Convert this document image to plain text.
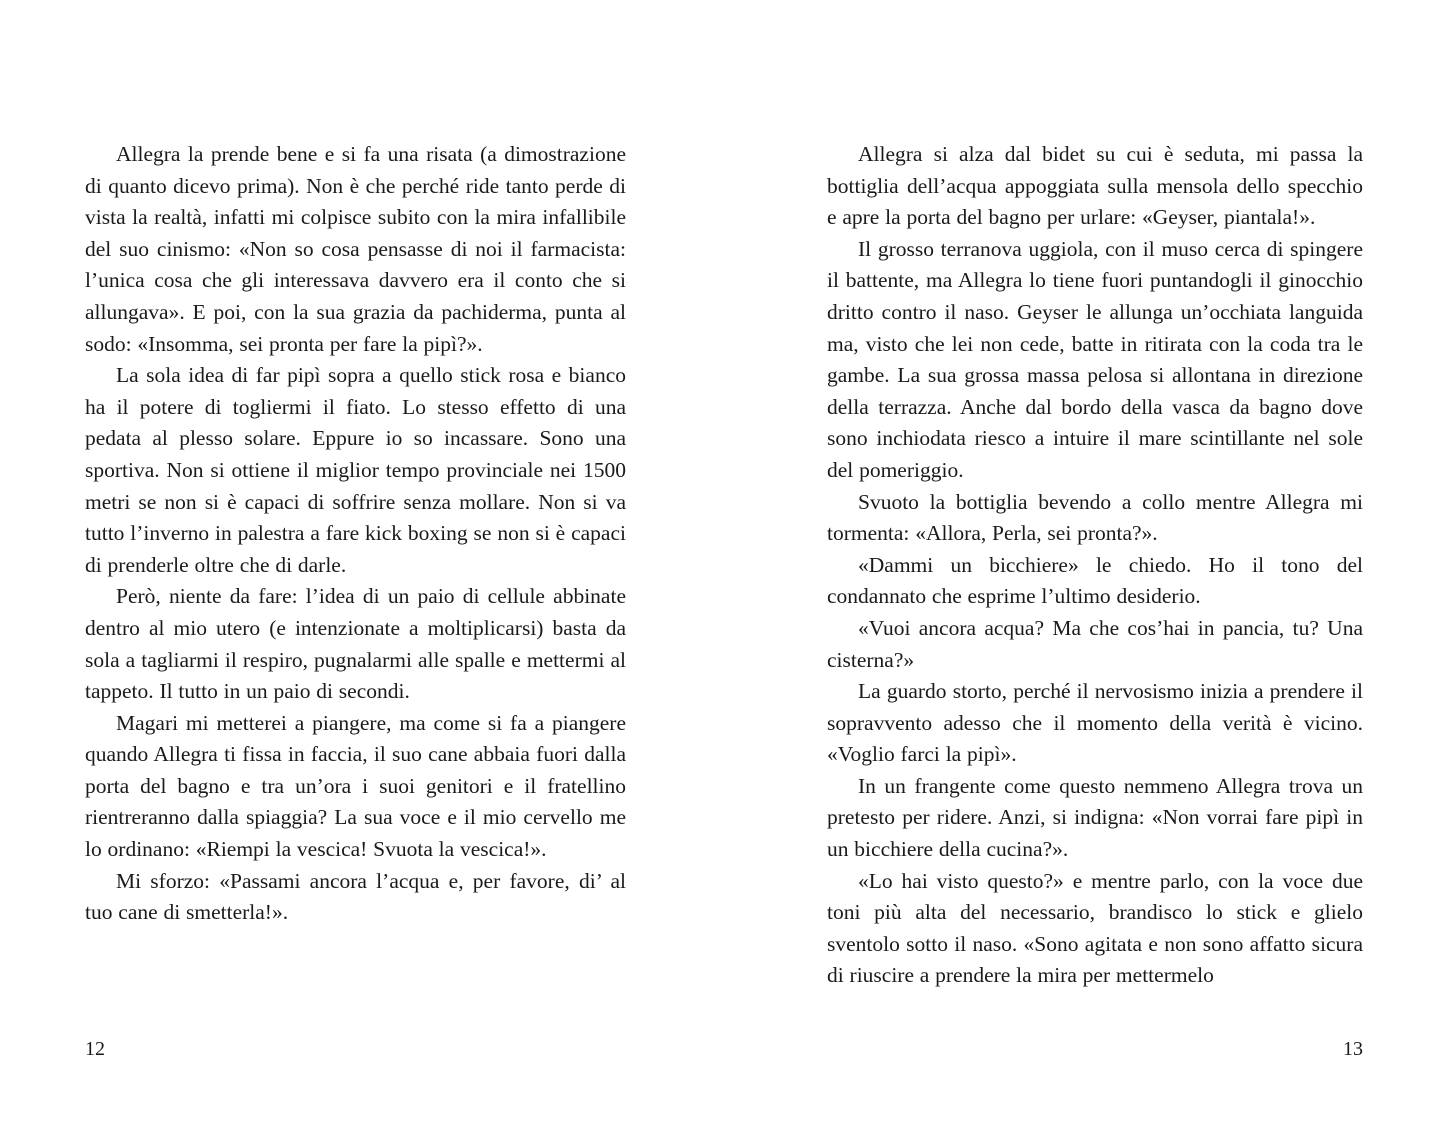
Allegra la prende bene e si fa una risata (a dimostrazione di quanto dicevo prima). Non è che perché ride tanto perde di vista la realtà, infatti mi colpisce subito con la mira infallibile del suo cinismo: «Non so cosa pensasse di noi il farmacista: l’unica cosa che gli interessava davvero era il conto che si allungava». E poi, con la sua grazia da pachiderma, punta al sodo: «Insomma, sei pronta per fare la pipì?».

La sola idea di far pipì sopra a quello stick rosa e bianco ha il potere di togliermi il fiato. Lo stesso effetto di una pedata al plesso solare. Eppure io so incassare. Sono una sportiva. Non si ottiene il miglior tempo provinciale nei 1500 metri se non si è capaci di soffrire senza mollare. Non si va tutto l’inverno in palestra a fare kick boxing se non si è capaci di prenderle oltre che di darle.

Però, niente da fare: l’idea di un paio di cellule abbinate dentro al mio utero (e intenzionate a moltiplicarsi) basta da sola a tagliarmi il respiro, pugnalarmi alle spalle e mettermi al tappeto. Il tutto in un paio di secondi.

Magari mi metterei a piangere, ma come si fa a piangere quando Allegra ti fissa in faccia, il suo cane abbaia fuori dalla porta del bagno e tra un’ora i suoi genitori e il fratellino rientreranno dalla spiaggia? La sua voce e il mio cervello me lo ordinano: «Riempi la vescica! Svuota la vescica!».

Mi sforzo: «Passami ancora l’acqua e, per favore, di’ al tuo cane di smetterla!».

Allegra si alza dal bidet su cui è seduta, mi passa la bottiglia dell’acqua appoggiata sulla mensola dello specchio e apre la porta del bagno per urlare: «Geyser, piantala!».

Il grosso terranova uggiola, con il muso cerca di spingere il battente, ma Allegra lo tiene fuori puntandogli il ginocchio dritto contro il naso. Geyser le allunga un’occhiata languida ma, visto che lei non cede, batte in ritirata con la coda tra le gambe. La sua grossa massa pelosa si allontana in direzione della terrazza. Anche dal bordo della vasca da bagno dove sono inchiodata riesco a intuire il mare scintillante nel sole del pomeriggio.

Svuoto la bottiglia bevendo a collo mentre Allegra mi tormenta: «Allora, Perla, sei pronta?».

«Dammi un bicchiere» le chiedo. Ho il tono del condannato che esprime l’ultimo desiderio.

«Vuoi ancora acqua? Ma che cos’hai in pancia, tu? Una cisterna?»

La guardo storto, perché il nervosismo inizia a prendere il sopravvento adesso che il momento della verità è vicino. «Voglio farci la pipì».

In un frangente come questo nemmeno Allegra trova un pretesto per ridere. Anzi, si indigna: «Non vorrai fare pipì in un bicchiere della cucina?».

«Lo hai visto questo?» e mentre parlo, con la voce due toni più alta del necessario, brandisco lo stick e glielo sventolo sotto il naso. «Sono agitata e non sono affatto sicura di riuscire a prendere la mira per mettermelo

12	13
